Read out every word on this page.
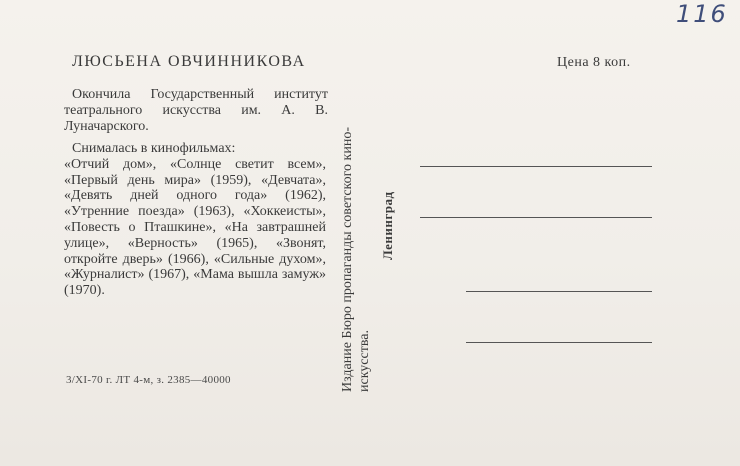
116
ЛЮСЬЕНА ОВЧИННИКОВА
Окончила Государственный институт театрального искусства им. А. В. Луначарского.
Снималась в кинофильмах:
«Отчий дом», «Солнце светит всем», «Первый день мира» (1959), «Девчата», «Девять дней одного года» (1962), «Утренние поезда» (1963), «Хоккеисты», «Повесть о Пташкине», «На завтрашней улице», «Верность» (1965), «Звонят, откройте дверь» (1966), «Сильные духом», «Журналист» (1967), «Мама вышла замуж» (1970).
3/XI-70 г. ЛТ 4-м, з. 2385—40000	Издание Бюро пропаганды советского кино- искусства.
Ленинград
Цена 8 коп.
